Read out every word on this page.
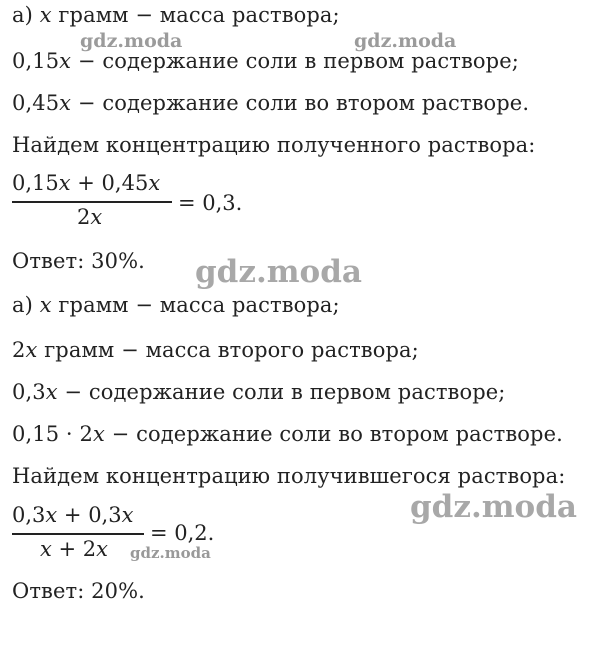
а) x грамм − масса раствора;
0,15x − содержание соли в первом растворе;
0,45x − содержание соли во втором растворе.
Найдем концентрацию полученного раствора:
0,15x + 0,45x
2x
= 0,3.
Ответ: 30%.
а) x грамм − масса раствора;
2x грамм − масса второго раствора;
0,3x − содержание соли в первом растворе;
0,15 · 2x − содержание соли во втором растворе.
Найдем концентрацию получившегося раствора:
0,3x + 0,3x
x + 2x
= 0,2.
Ответ: 20%.
gdz.moda	gdz.moda
gdz.moda
gdz.moda
gdz.moda
